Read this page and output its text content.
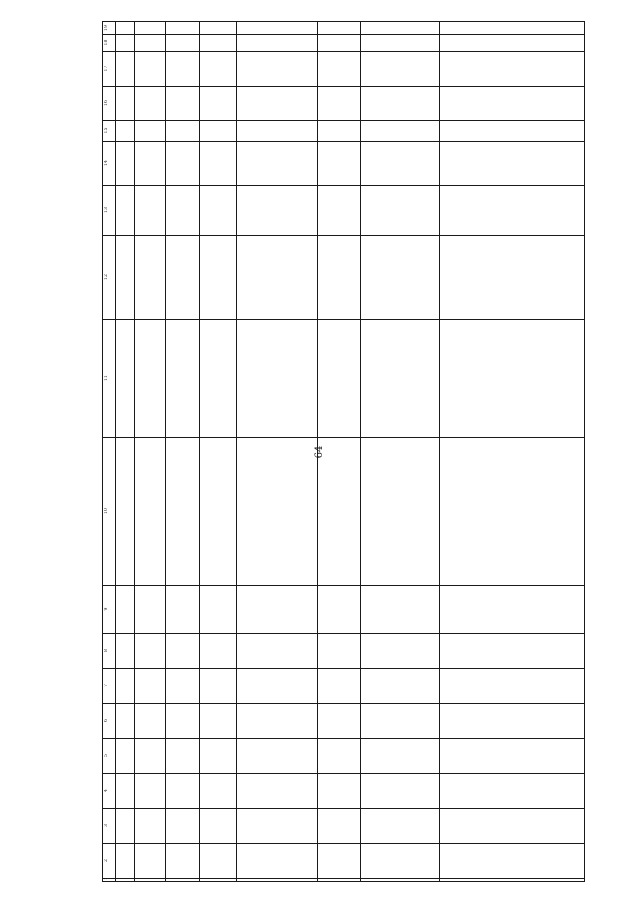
64
2
3
4
5
6
7
8
9
10
11
12
13
14
15
16
17
18
19
